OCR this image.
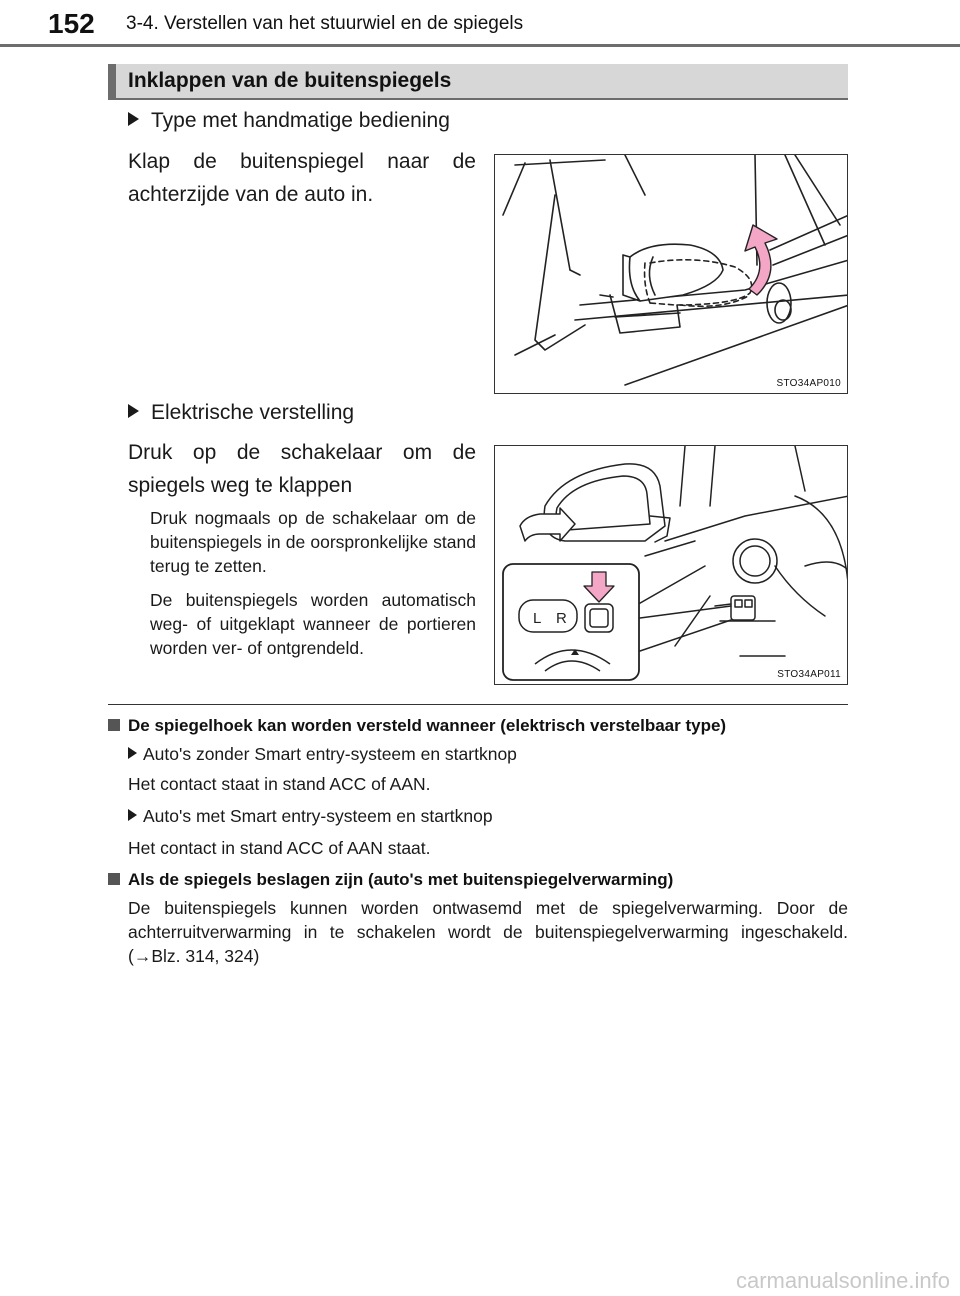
152 3-4. Verstellen van het stuurwiel en de spiegels
Inklappen van de buitenspiegels
Type met handmatige bediening
Klap de buitenspiegel naar de achterzijde van de auto in.
STO34AP010
Elektrische verstelling
Druk op de schakelaar om de spiegels weg te klappen
Druk nogmaals op de schakelaar om de buitenspiegels in de oorspronkelijke stand terug te zetten.
De buitenspiegels worden automatisch weg- of uitgeklapt wanneer de portieren worden ver- of ontgrendeld.
L R
STO34AP011
De spiegelhoek kan worden versteld wanneer (elektrisch verstelbaar type)
Auto's zonder Smart entry-systeem en startknop
Het contact staat in stand ACC of AAN.
Auto's met Smart entry-systeem en startknop
Het contact in stand ACC of AAN staat.
Als de spiegels beslagen zijn (auto's met buitenspiegelverwarming)
De buitenspiegels kunnen worden ontwasemd met de spiegelverwarming. Door de achterruitverwarming in te schakelen wordt de buitenspiegelverwarming ingeschakeld. (→Blz. 314, 324)
carmanualsonline.info
